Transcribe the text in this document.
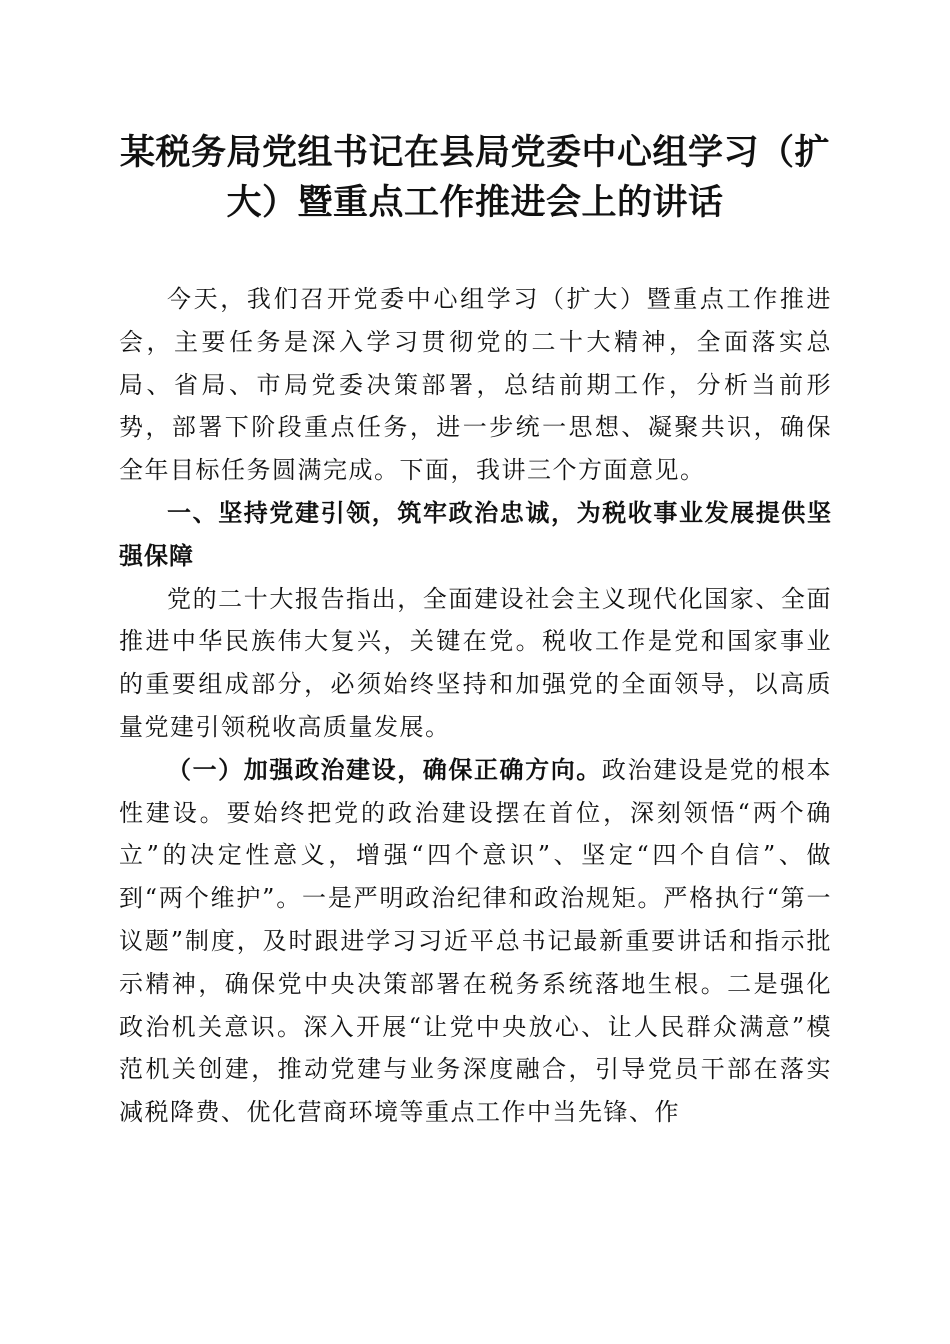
某税务局党组书记在县局党委中心组学习（扩大）暨重点工作推进会上的讲话

今天，我们召开党委中心组学习（扩大）暨重点工作推进会，主要任务是深入学习贯彻党的二十大精神，全面落实总局、省局、市局党委决策部署，总结前期工作，分析当前形势，部署下阶段重点任务，进一步统一思想、凝聚共识，确保全年目标任务圆满完成。下面，我讲三个方面意见。

一、坚持党建引领，筑牢政治忠诚，为税收事业发展提供坚强保障

党的二十大报告指出，全面建设社会主义现代化国家、全面推进中华民族伟大复兴，关键在党。税收工作是党和国家事业的重要组成部分，必须始终坚持和加强党的全面领导，以高质量党建引领税收高质量发展。

（一）加强政治建设，确保正确方向。政治建设是党的根本性建设。要始终把党的政治建设摆在首位，深刻领悟“两个确立”的决定性意义，增强“四个意识”、坚定“四个自信”、做到“两个维护”。一是严明政治纪律和政治规矩。严格执行“第一议题”制度，及时跟进学习习近平总书记最新重要讲话和指示批示精神，确保党中央决策部署在税务系统落地生根。二是强化政治机关意识。深入开展“让党中央放心、让人民群众满意”模范机关创建，推动党建与业务深度融合，引导党员干部在落实减税降费、优化营商环境等重点工作中当先锋、作
